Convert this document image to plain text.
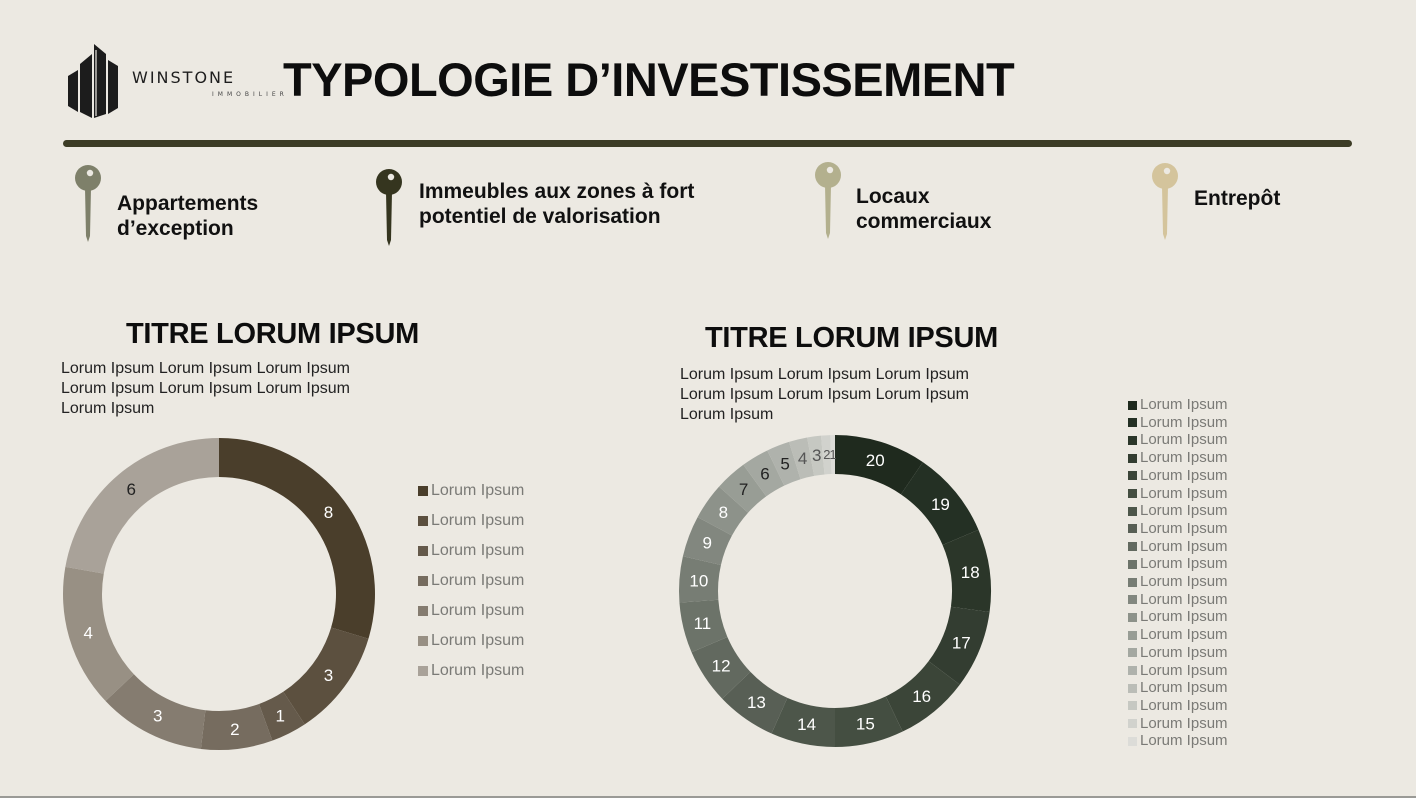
WINSTONE
IMMOBILIER
TYPOLOGIE D’INVESTISSEMENT
Appartements
d’exception
Immeubles aux zones à fort
potentiel de valorisation
Locaux
commerciaux
Entrepôt
TITRE LORUM IPSUM
Lorum Ipsum Lorum Ipsum Lorum Ipsum
Lorum Ipsum Lorum Ipsum Lorum Ipsum
Lorum Ipsum
8
3
1
2
3
4
6	Lorum Ipsum
Lorum Ipsum
Lorum Ipsum
Lorum Ipsum
Lorum Ipsum
Lorum Ipsum
Lorum Ipsum
TITRE LORUM IPSUM
Lorum Ipsum Lorum Ipsum Lorum Ipsum
Lorum Ipsum Lorum Ipsum Lorum Ipsum
Lorum Ipsum
20
19
18
17
16
15
14
13
12
11
10
9
8
7
6
5 4 3 2
1
Lorum Ipsum
Lorum Ipsum
Lorum Ipsum
Lorum Ipsum
Lorum Ipsum
Lorum Ipsum
Lorum Ipsum
Lorum Ipsum
Lorum Ipsum
Lorum Ipsum
Lorum Ipsum
Lorum Ipsum
Lorum Ipsum
Lorum Ipsum
Lorum Ipsum
Lorum Ipsum
Lorum Ipsum
Lorum Ipsum
Lorum Ipsum
Lorum Ipsum
